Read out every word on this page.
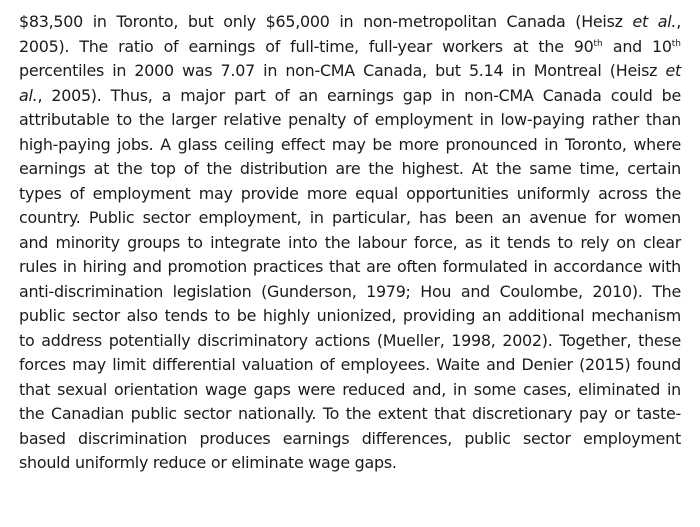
$83,500 in Toronto, but only $65,000 in non-metropolitan Canada (Heisz et al.,
2005). The ratio of earnings of full-time, full-year workers at the 90th and 10th
percentiles in 2000 was 7.07 in non-CMA Canada, but 5.14 in Montreal (Heisz et
al., 2005). Thus, a major part of an earnings gap in non-CMA Canada could be
attributable to the larger relative penalty of employment in low-paying rather than
high-paying jobs. A glass ceiling effect may be more pronounced in Toronto, where
earnings at the top of the distribution are the highest. At the same time, certain
types of employment may provide more equal opportunities uniformly across the
country. Public sector employment, in particular, has been an avenue for women
and minority groups to integrate into the labour force, as it tends to rely on clear
rules in hiring and promotion practices that are often formulated in accordance with
anti-discrimination legislation (Gunderson, 1979; Hou and Coulombe, 2010). The
public sector also tends to be highly unionized, providing an additional mechanism
to address potentially discriminatory actions (Mueller, 1998, 2002). Together, these
forces may limit differential valuation of employees. Waite and Denier (2015) found
that sexual orientation wage gaps were reduced and, in some cases, eliminated in
the Canadian public sector nationally. To the extent that discretionary pay or taste-
based discrimination produces earnings differences, public sector employment
should uniformly reduce or eliminate wage gaps.
